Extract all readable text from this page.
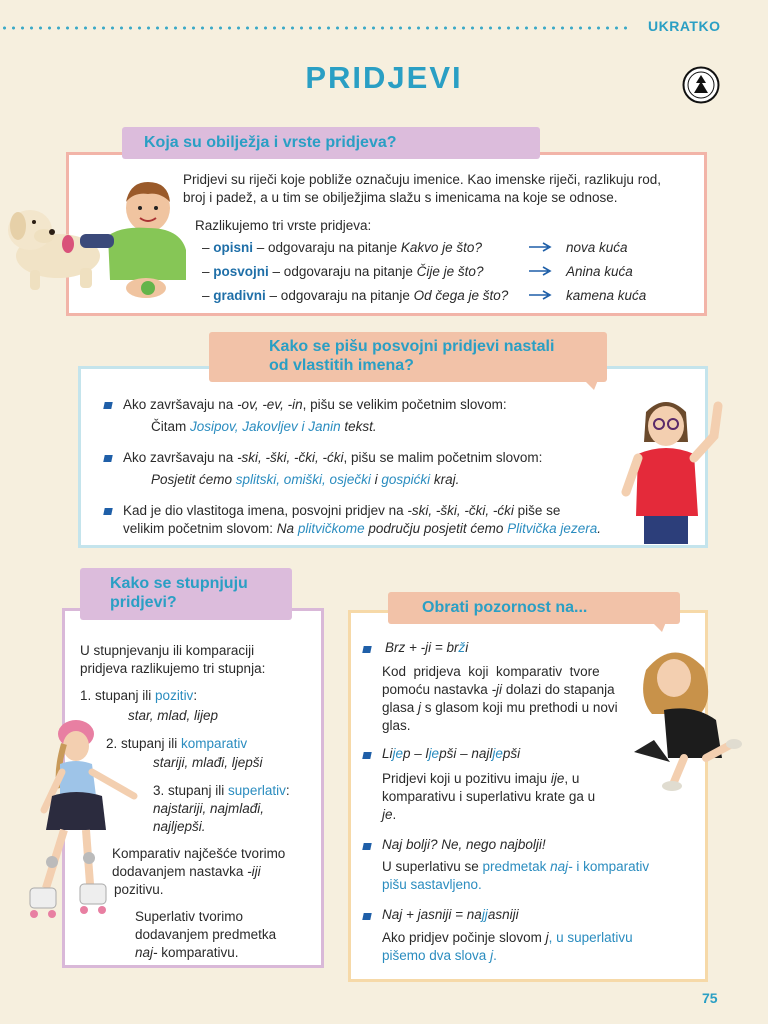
UKRATKO
PRIDJEVI
Koja su obilježja i vrste pridjeva?
Pridjevi su riječi koje pobliže označuju imenice. Kao imenske riječi, razlikuju rod, broj i padež, a u tim se obilježjima slažu s imenicama na koje se odnose.
Razlikujemo tri vrste pridjeva:
– opisni – odgovaraju na pitanje Kakvo je što?
– posvojni – odgovaraju na pitanje Čije je što?
– gradivni – odgovaraju na pitanje Od čega je što?
nova kuća
Anina kuća
kamena kuća
Kako se pišu posvojni pridjevi nastali
od vlastitih imena?
Ako završavaju na -ov, -ev, -in, pišu se velikim početnim slovom:
Čitam Josipov, Jakovljev i Janin tekst.
Ako završavaju na -ski, -ški, -čki, -ćki, pišu se malim početnim slovom:
Posjetit ćemo splitski, omiški, osječki i gospićki kraj.
Kad je dio vlastitoga imena, posvojni pridjev na -ski, -ški, -čki, -ćki piše se
velikim početnim slovom: Na plitvičkome području posjetit ćemo Plitvička jezera.
Kako se stupnjuju
pridjevi?
U stupnjevanju ili komparaciji
pridjeva razlikujemo tri stupnja:
1. stupanj ili pozitiv:
star, mlad, lijep
2. stupanj ili komparativ
stariji, mlađi, ljepši
3. stupanj ili superlativ:
najstariji, najmlađi,
najljepši.
Komparativ najčešće tvorimo
dodavanjem nastavka -iji
pozitivu.
Superlativ tvorimo
dodavanjem predmetka
naj- komparativu.
Obrati pozornost na...
Brz + -ji = brži
Kod  pridjeva  koji  komparativ  tvore
pomoću nastavka -ji dolazi do stapanja
glasa j s glasom koji mu prethodi u novi
glas.
Lijep – ljepši – najljepši
Pridjevi koji u pozitivu imaju ije, u
komparativu i superlativu krate ga u
je.
Naj bolji? Ne, nego najbolji!
U superlativu se predmetak naj- i komparativ
pišu sastavljeno.
Naj + jasniji = najjasniji
Ako pridjev počinje slovom j, u superlativu
pišemo dva slova j.
75
